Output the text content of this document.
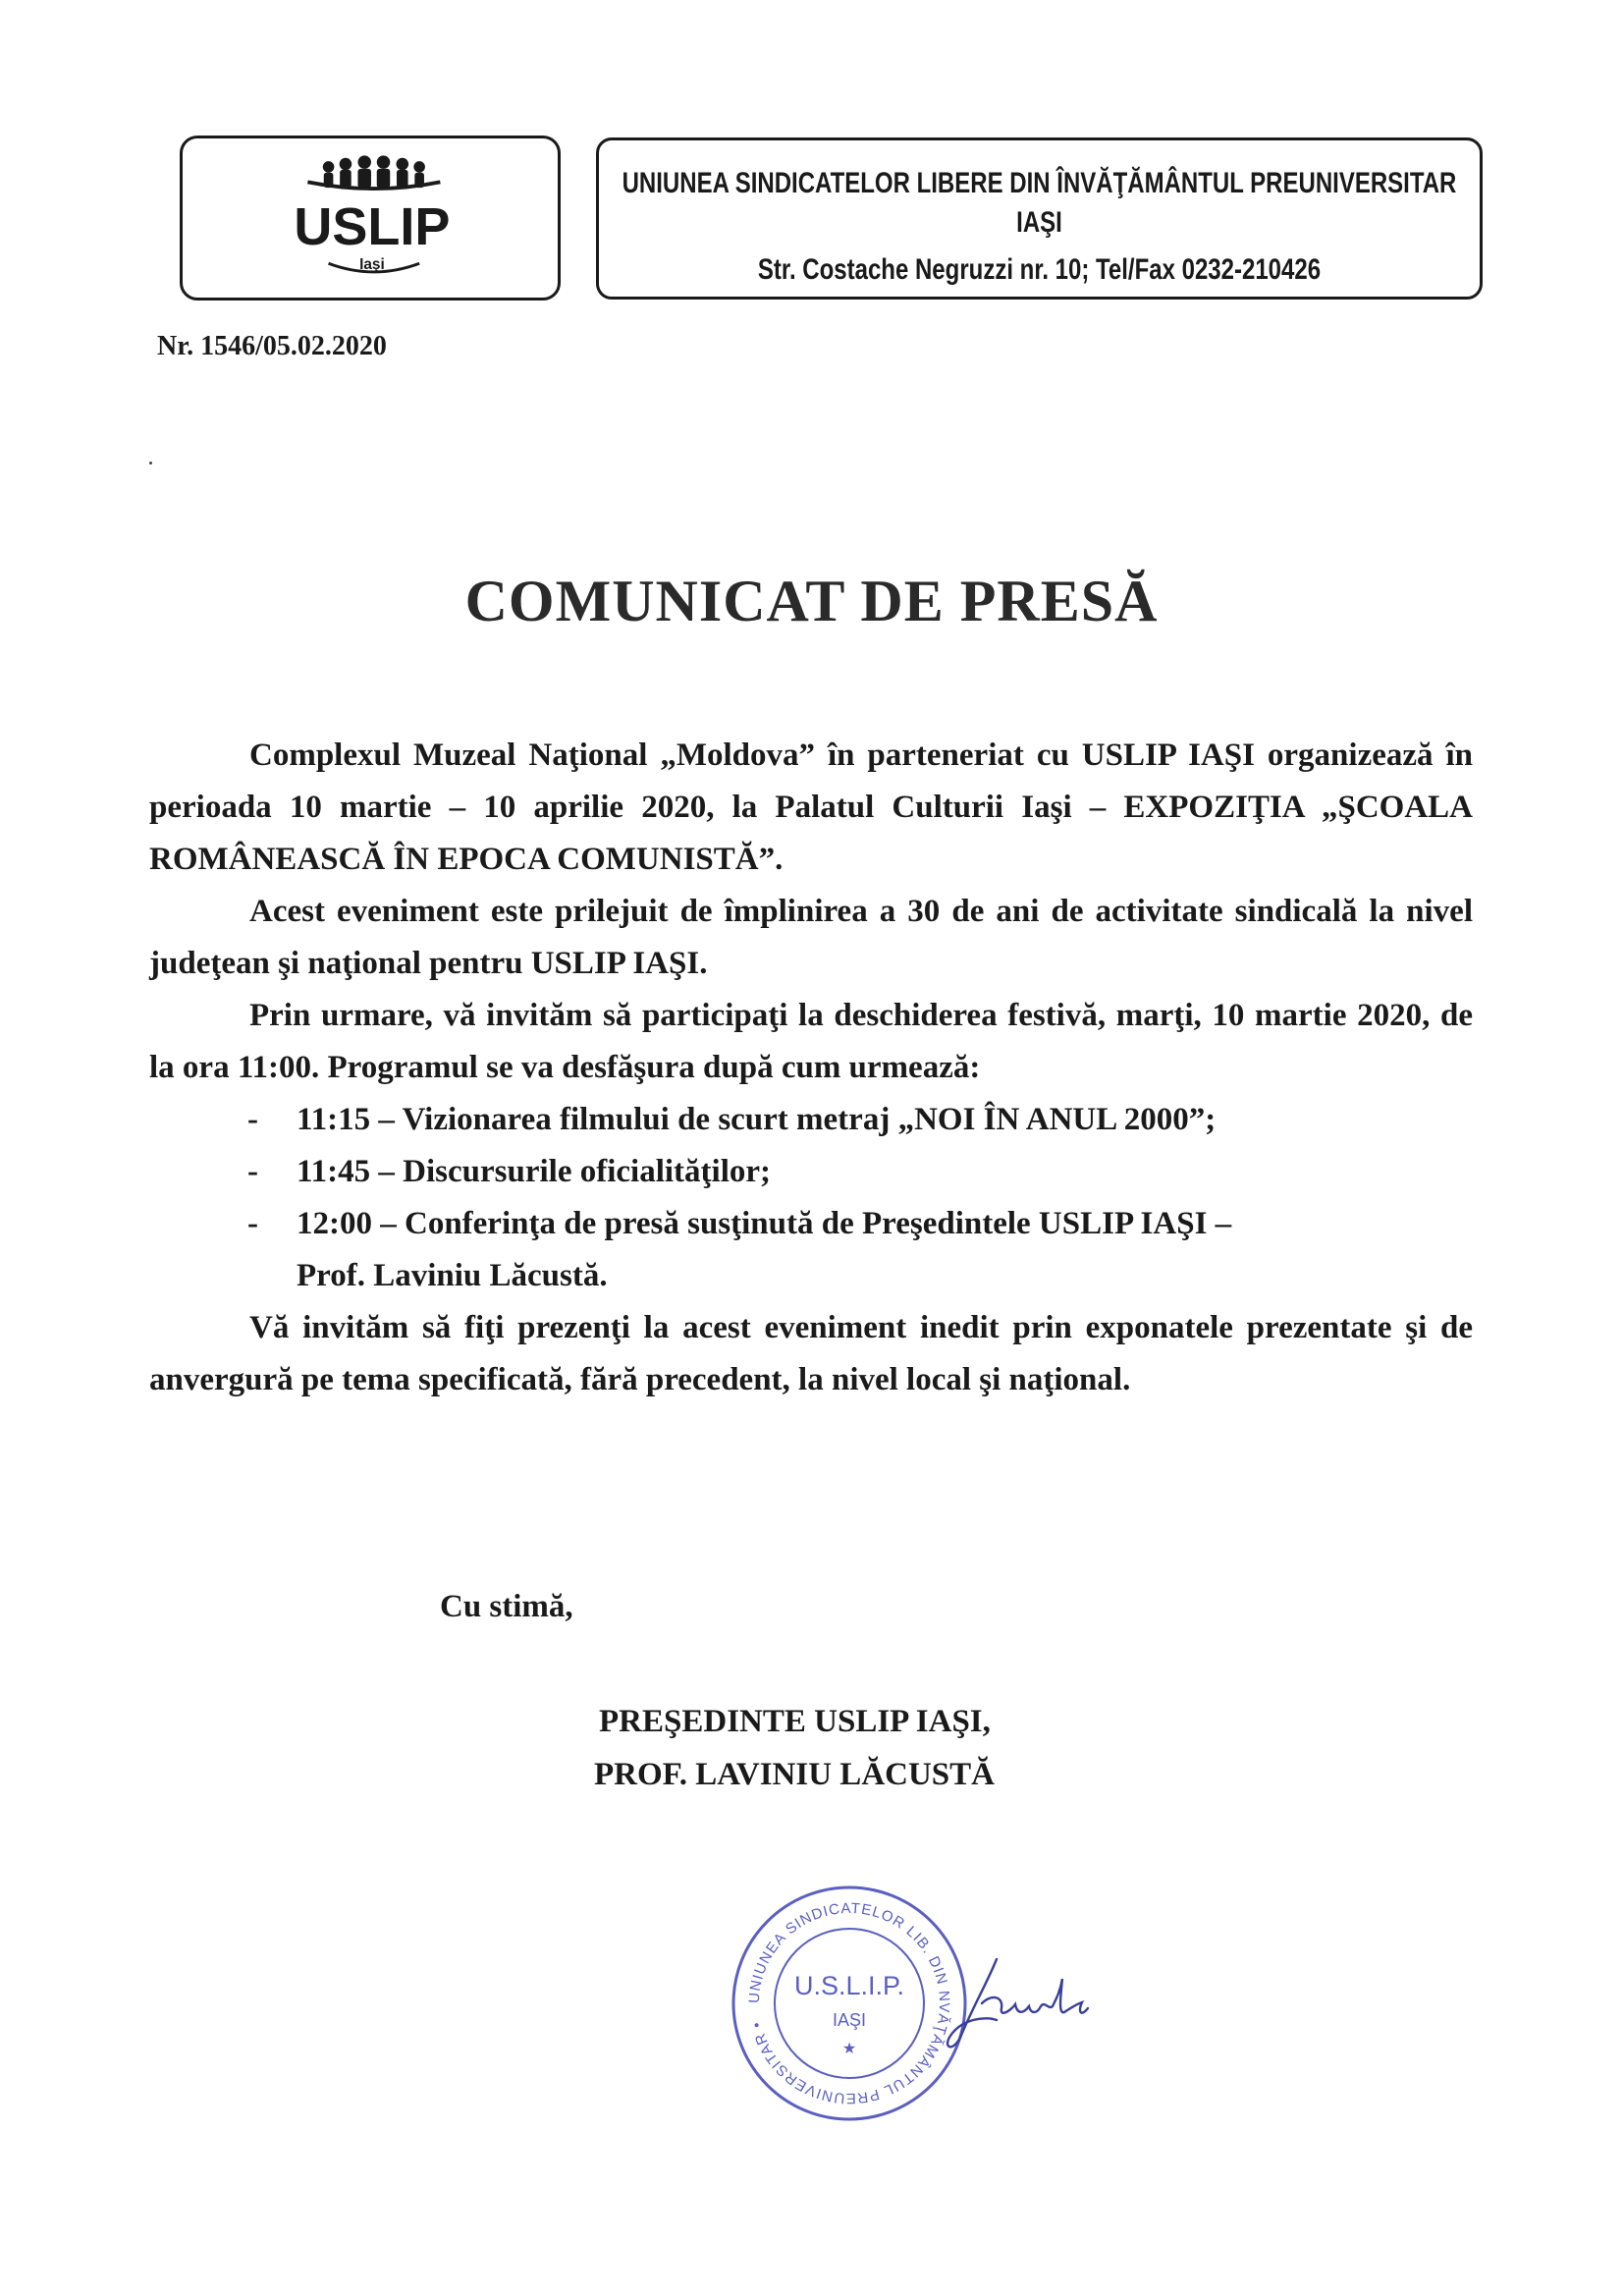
USLIP
Iaşi
UNIUNEA SINDICATELOR LIBERE DIN ÎNVĂŢĂMÂNTUL PREUNIVERSITAR
IAŞI
Str. Costache Negruzzi nr. 10; Tel/Fax 0232-210426
Nr. 1546/05.02.2020
COMUNICAT DE PRESĂ

Complexul Muzeal Naţional „Moldova” în parteneriat cu USLIP IAŞI organizează în perioada 10 martie – 10 aprilie 2020, la Palatul Culturii Iaşi – EXPOZIŢIA „ŞCOALA ROMÂNEASCĂ ÎN EPOCA COMUNISTĂ”.

Acest eveniment este prilejuit de împlinirea a 30 de ani de activitate sindicală la nivel judeţean şi naţional pentru USLIP IAŞI.

Prin urmare, vă invităm să participaţi la deschiderea festivă, marţi, 10 martie 2020, de la ora 11:00. Programul se va desfăşura după cum urmează:

- 11:15 – Vizionarea filmului de scurt metraj „NOI ÎN ANUL 2000”;
- 11:45 – Discursurile oficialităţilor;
- 12:00 – Conferinţa de presă susţinută de Preşedintele USLIP IAŞI –
Prof. Laviniu Lăcustă.

Vă invităm să fiţi prezenţi la acest eveniment inedit prin exponatele prezentate şi de anvergură pe tema specificată, fără precedent, la nivel local şi naţional.

Cu stimă,
PREŞEDINTE USLIP IAŞI,
PROF. LAVINIU LĂCUSTĂ
UNIUNEA SINDICATELOR LIB. DIN NVĂŢĂMÂNTUL PREUNIVERSITAR •
U.S.L.I.P.
IAŞI
★
